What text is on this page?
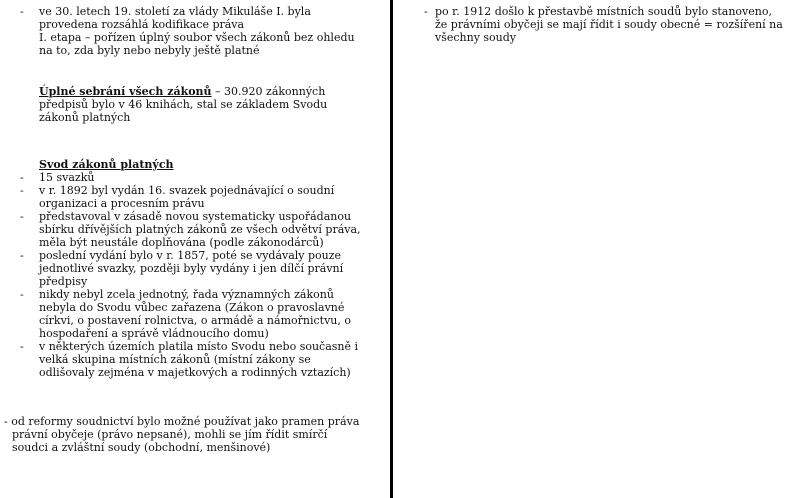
- ve 30. letech 19. století za vlády Mikuláše I. byla
provedena rozsáhlá kodifikace práva
I. etapa – pořízen úplný soubor všech zákonů bez ohledu
na to, zda byly nebo nebyly ještě platné
Úplné sebrání všech zákonů – 30.920 zákonných
předpisů bylo v 46 knihách, stal se základem Svodu
zákonů platných
Svod zákonů platných
- 15 svazků
- v r. 1892 byl vydán 16. svazek pojednávající o soudní
organizaci a procesním právu
- představoval v zásadě novou systematicky uspořádanou
sbírku dřívějších platných zákonů ze všech odvětví práva,
měla být neustále doplňována (podle zákonodárců)
- poslední vydání bylo v r. 1857, poté se vydávaly pouze
jednotlivé svazky, později byly vydány i jen dílčí právní
předpisy
- nikdy nebyl zcela jednotný, řada významných zákonů
nebyla do Svodu vůbec zařazena (Zákon o pravoslavné
církvi, o postavení rolnictva, o armádě a námořnictvu, o
hospodaření a správě vládnoucího domu)
- v některých územích platila místo Svodu nebo současně i
velká skupina místních zákonů (místní zákony se
odlišovaly zejména v majetkových a rodinných vztazích)
- od reformy soudnictví bylo možné používat jako pramen práva
právní obyčeje (právo nepsané), mohli se jím řídit smírčí
soudci a zvláštní soudy (obchodní, menšinové)
- po r. 1912 došlo k přestavbě místních soudů bylo stanoveno,
že právními obyčeji se mají řídit i soudy obecné = rozšíření na
všechny soudy
